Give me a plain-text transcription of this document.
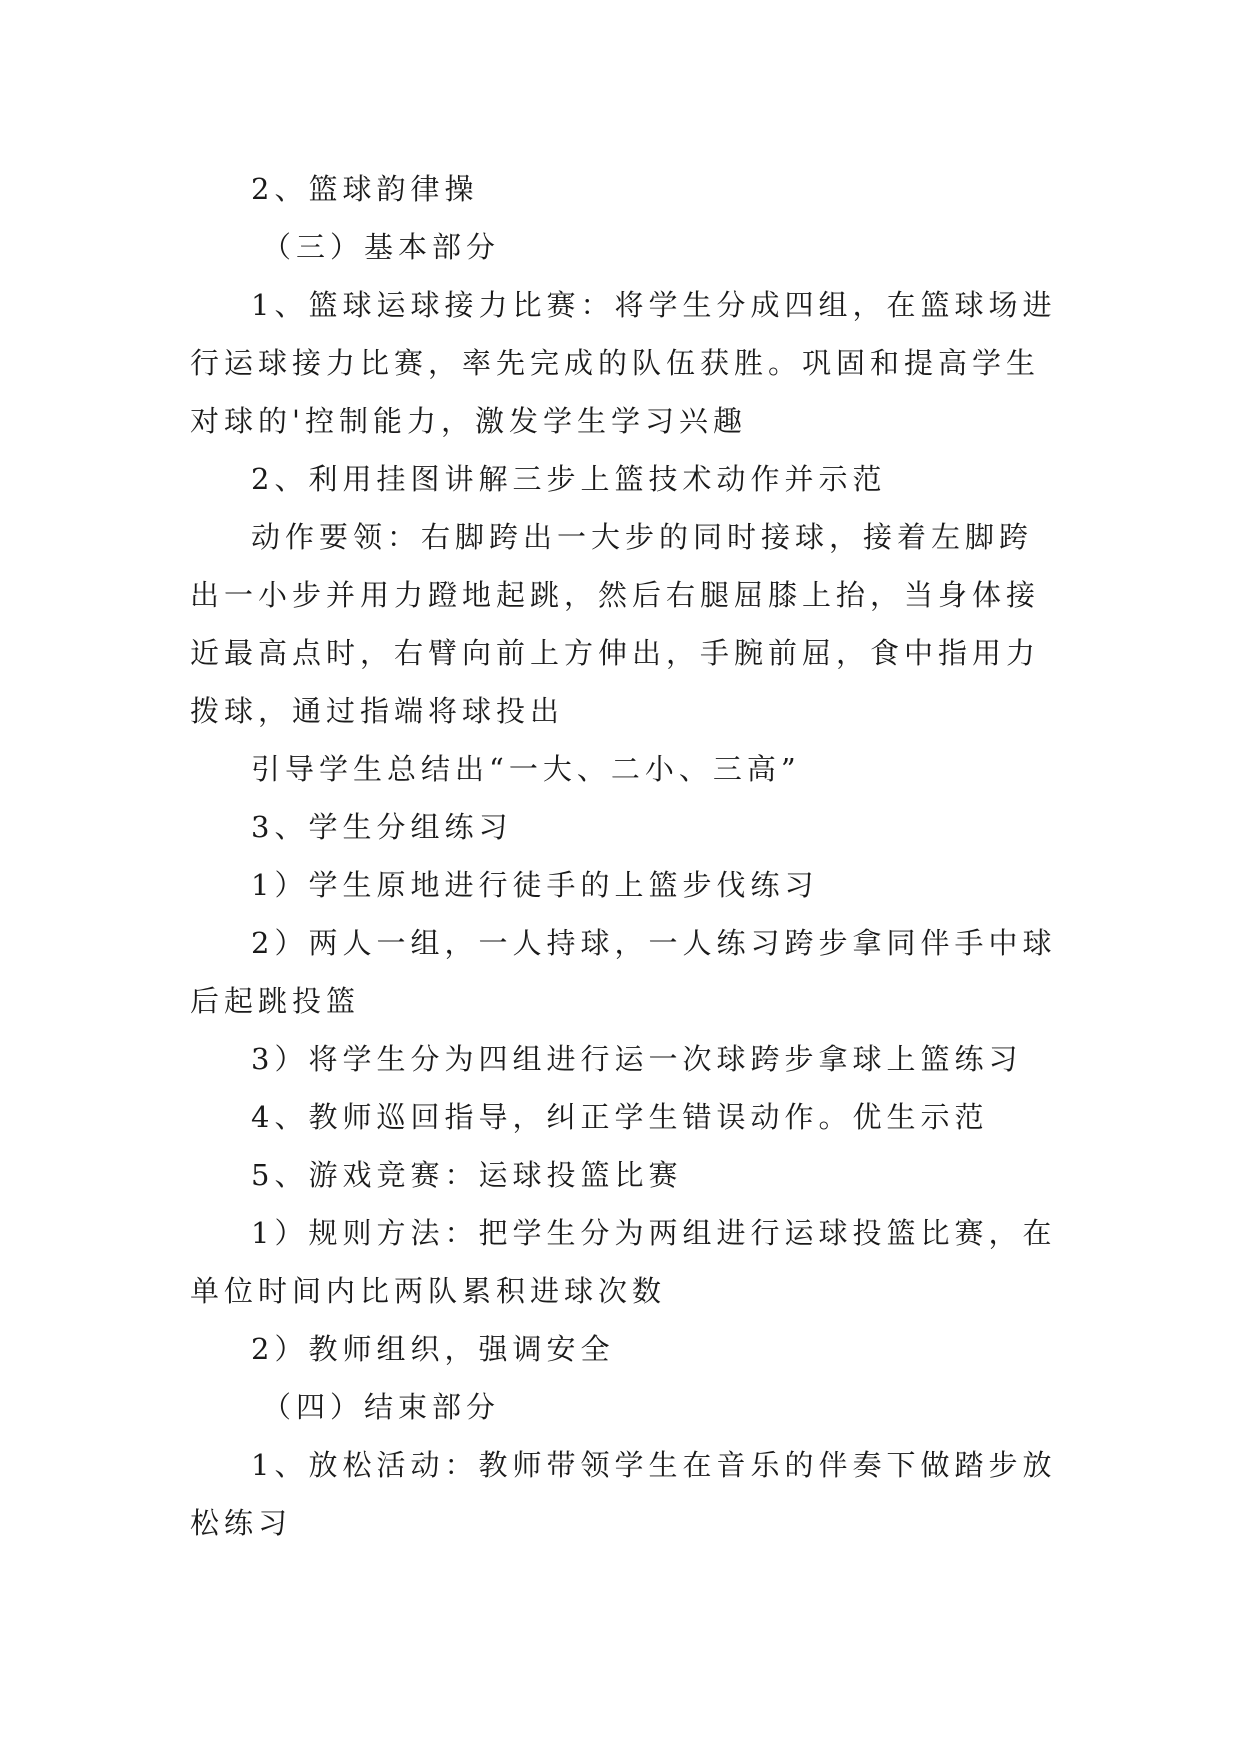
2、篮球韵律操

（三）基本部分

1、篮球运球接力比赛：将学生分成四组，在篮球场进行运球接力比赛，率先完成的队伍获胜。巩固和提高学生对球的'控制能力，激发学生学习兴趣

2、利用挂图讲解三步上篮技术动作并示范

动作要领：右脚跨出一大步的同时接球，接着左脚跨出一小步并用力蹬地起跳，然后右腿屈膝上抬，当身体接近最高点时，右臂向前上方伸出，手腕前屈，食中指用力拨球，通过指端将球投出

引导学生总结出“一大、二小、三高”

3、学生分组练习

1）学生原地进行徒手的上篮步伐练习

2）两人一组，一人持球，一人练习跨步拿同伴手中球后起跳投篮

3）将学生分为四组进行运一次球跨步拿球上篮练习

4、教师巡回指导，纠正学生错误动作。优生示范

5、游戏竞赛：运球投篮比赛

1）规则方法：把学生分为两组进行运球投篮比赛，在单位时间内比两队累积进球次数

2）教师组织，强调安全

（四）结束部分

1、放松活动：教师带领学生在音乐的伴奏下做踏步放松练习
